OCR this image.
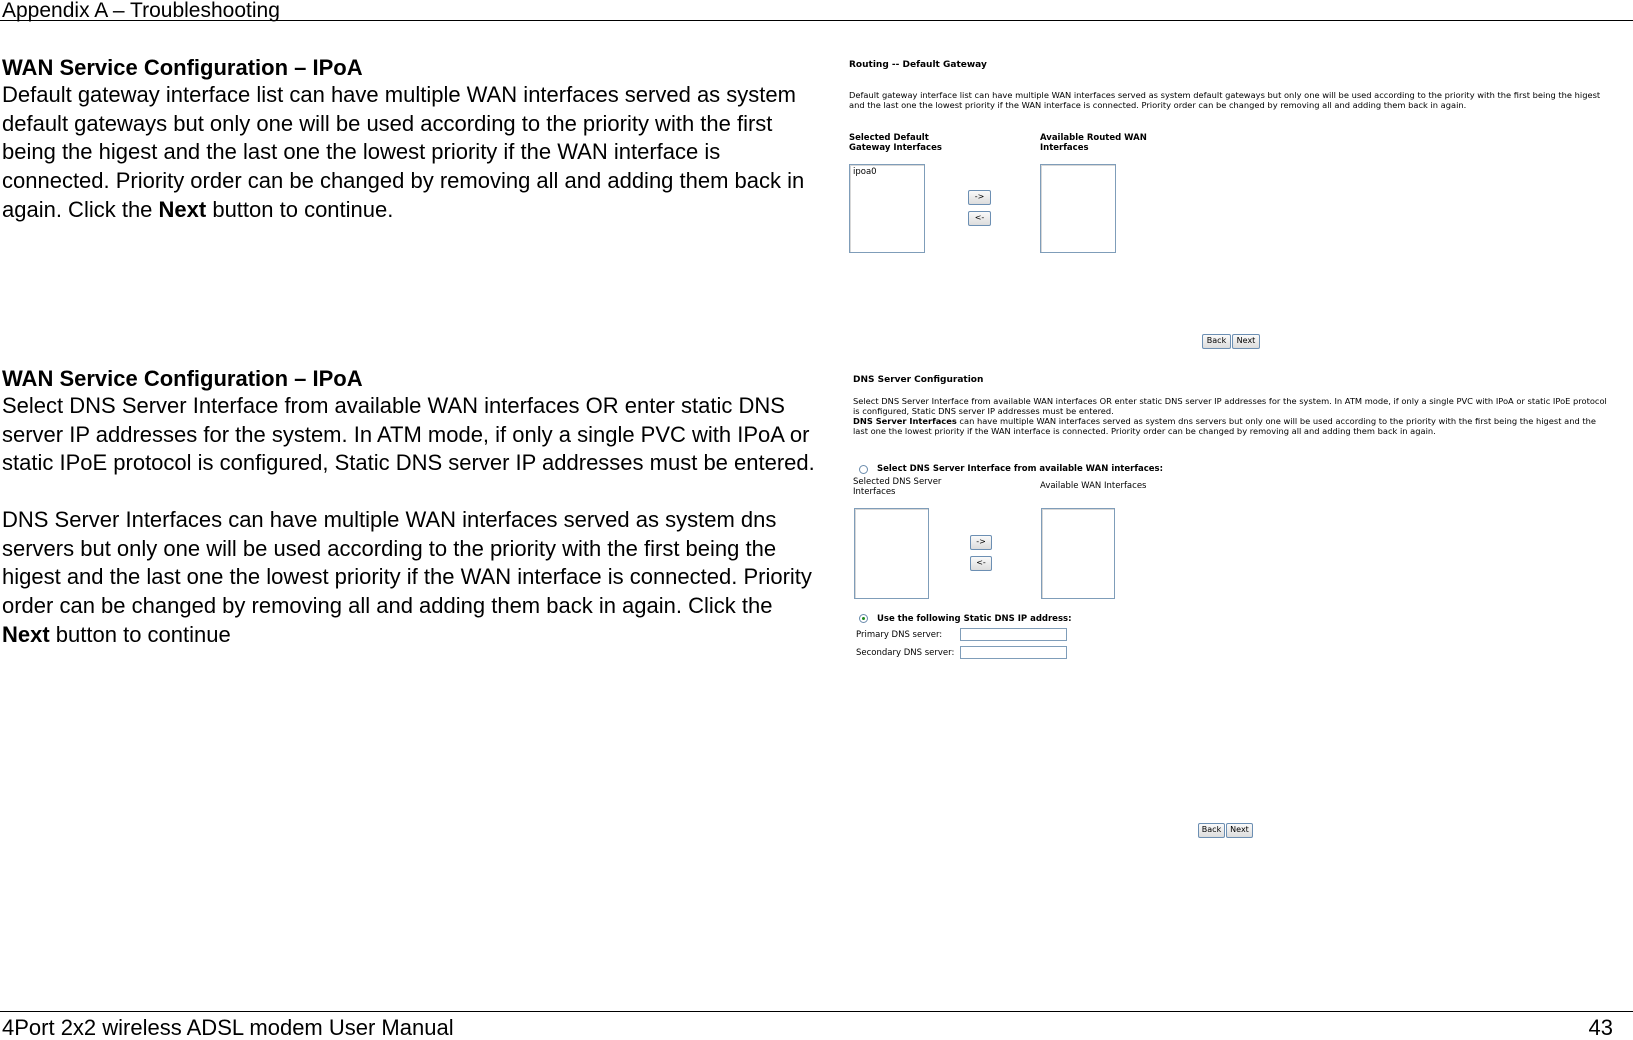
Appendix A – Troubleshooting
WAN Service Configuration – IPoA
Default gateway interface list can have multiple WAN interfaces served as system default gateways but only one will be used according to the priority with the first being the higest and the last one the lowest priority if the WAN interface is connected. Priority order can be changed by removing all and adding them back in again. Click the Next button to continue.
WAN Service Configuration – IPoA
Select DNS Server Interface from available WAN interfaces OR enter static DNS server IP addresses for the system. In ATM mode, if only a single PVC with IPoA or static IPoE protocol is configured, Static DNS server IP addresses must be entered.
DNS Server Interfaces can have multiple WAN interfaces served as system dns servers but only one will be used according to the priority with the first being the higest and the last one the lowest priority if the WAN interface is connected. Priority order can be changed by removing all and adding them back in again. Click the Next button to continue
Routing -- Default Gateway
Default gateway interface list can have multiple WAN interfaces served as system default gateways but only one will be used according to the priority with the first being the higest and the last one the lowest priority if the WAN interface is connected. Priority order can be changed by removing all and adding them back in again.
Selected Default Gateway Interfaces
Available Routed WAN Interfaces
ipoa0
->
<-
Back	Next
DNS Server Configuration
Select DNS Server Interface from available WAN interfaces OR enter static DNS server IP addresses for the system. In ATM mode, if only a single PVC with IPoA or static IPoE protocol is configured, Static DNS server IP addresses must be entered.
DNS Server Interfaces can have multiple WAN interfaces served as system dns servers but only one will be used according to the priority with the first being the higest and the last one the lowest priority if the WAN interface is connected. Priority order can be changed by removing all and adding them back in again.
Select DNS Server Interface from available WAN interfaces:
Selected DNS Server Interfaces
Available WAN Interfaces
->
<-
Use the following Static DNS IP address:
Primary DNS server:
Secondary DNS server:
Back	Next
4Port 2x2 wireless ADSL modem User Manual	43
